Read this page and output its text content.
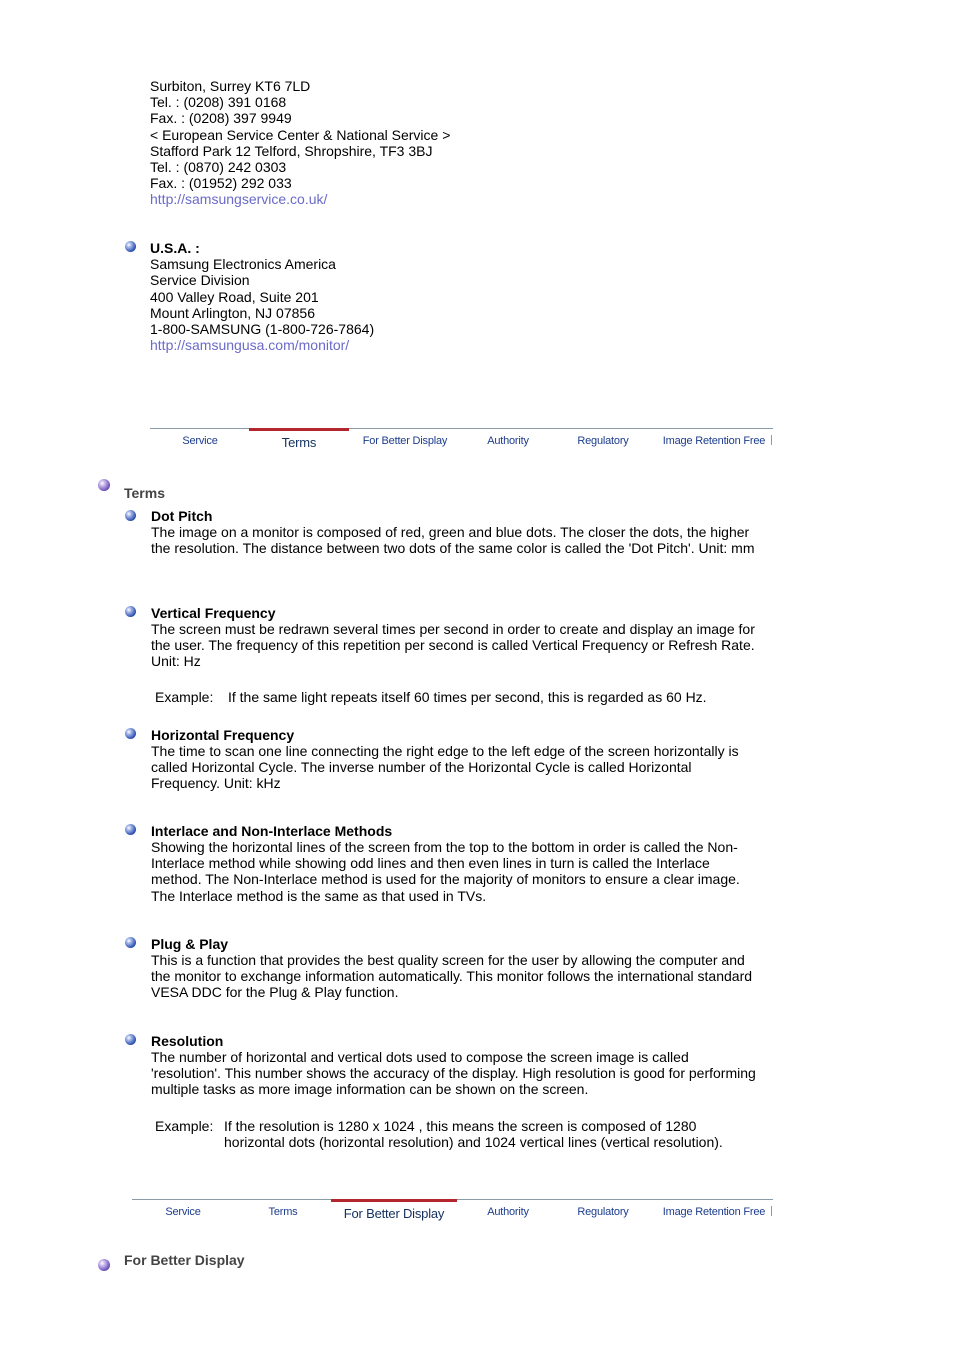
Surbiton, Surrey KT6 7LD
Tel. : (0208) 391 0168
Fax. : (0208) 397 9949
< European Service Center & National Service >
Stafford Park 12 Telford, Shropshire, TF3 3BJ
Tel. : (0870) 242 0303
Fax. : (01952) 292 033
http://samsungservice.co.uk/
U.S.A. :
Samsung Electronics America
Service Division
400 Valley Road, Suite 201
Mount Arlington, NJ 07856
1-800-SAMSUNG (1-800-726-7864)
http://samsungusa.com/monitor/
Service	Terms	For Better Display	Authority	Regulatory	Image Retention Free
Terms
Dot Pitch
The image on a monitor is composed of red, green and blue dots. The closer the dots, the higher the resolution. The distance between two dots of the same color is called the 'Dot Pitch'. Unit: mm
Vertical Frequency
The screen must be redrawn several times per second in order to create and display an image for the user. The frequency of this repetition per second is called Vertical Frequency or Refresh Rate. Unit: Hz
Example: If the same light repeats itself 60 times per second, this is regarded as 60 Hz.
Horizontal Frequency
The time to scan one line connecting the right edge to the left edge of the screen horizontally is called Horizontal Cycle. The inverse number of the Horizontal Cycle is called Horizontal Frequency. Unit: kHz
Interlace and Non-Interlace Methods
Showing the horizontal lines of the screen from the top to the bottom in order is called the Non-Interlace method while showing odd lines and then even lines in turn is called the Interlace method. The Non-Interlace method is used for the majority of monitors to ensure a clear image. The Interlace method is the same as that used in TVs.
Plug & Play
This is a function that provides the best quality screen for the user by allowing the computer and the monitor to exchange information automatically. This monitor follows the international standard VESA DDC for the Plug & Play function.
Resolution
The number of horizontal and vertical dots used to compose the screen image is called 'resolution'. This number shows the accuracy of the display. High resolution is good for performing multiple tasks as more image information can be shown on the screen.
Example: If the resolution is 1280 x 1024 , this means the screen is composed of 1280 horizontal dots (horizontal resolution) and 1024 vertical lines (vertical resolution).
Service	Terms	For Better Display	Authority	Regulatory	Image Retention Free
For Better Display
